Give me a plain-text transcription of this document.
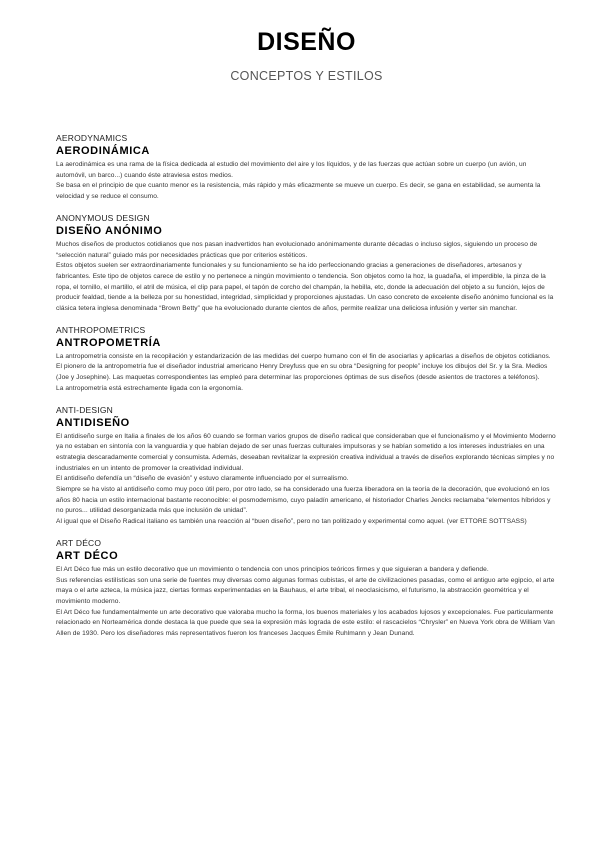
DISEÑO
CONCEPTOS Y ESTILOS
AERODYNAMICS
AERODINÁMICA
La aerodinámica es una rama de la física dedicada al estudio del movimiento del aire y los líquidos, y de las fuerzas que actúan sobre un cuerpo (un avión, un automóvil, un barco...) cuando éste atraviesa estos medios.
Se basa en el principio de que cuanto menor es la resistencia, más rápido y más eficazmente se mueve un cuerpo. Es decir, se gana en estabilidad, se aumenta la velocidad y se reduce el consumo.
ANONYMOUS DESIGN
DISEÑO ANÓNIMO
Muchos diseños de productos cotidianos que nos pasan inadvertidos han evolucionado anónimamente durante décadas o incluso siglos, siguiendo un proceso de “selección natural” guiado más por necesidades prácticas que por criterios estéticos.
Estos objetos suelen ser extraordinariamente funcionales y su funcionamiento se ha ido perfeccionando gracias a generaciones de diseñadores, artesanos y fabricantes. Este tipo de objetos carece de estilo y no pertenece a ningún movimiento o tendencia. Son objetos como la hoz, la guadaña, el imperdible, la pinza de la ropa, el tornillo, el martillo, el atril de música, el clip para papel, el tapón de corcho del champán, la hebilla, etc, donde la adecuación del objeto a su función, lejos de producir fealdad, tiende a la belleza por su honestidad, integridad, simplicidad y proporciones ajustadas. Un caso concreto de excelente diseño anónimo funcional es la clásica tetera inglesa denominada “Brown Betty” que ha evolucionado durante cientos de años, permite realizar una deliciosa infusión y verter sin manchar.
ANTHROPOMETRICS
ANTROPOMETRÍA
La antropometría consiste en la recopilación y estandarización de las medidas del cuerpo humano con el fin de asociarlas y aplicarlas a diseños de objetos cotidianos. El pionero de la antropometría fue el diseñador industrial americano Henry Dreyfuss que en su obra “Designing for people” incluye los dibujos del Sr. y la Sra. Medios (Joe y Josephine). Las maquetas correspondientes las empleó para determinar las proporciones óptimas de sus diseños (desde asientos de tractores a teléfonos).
La antropometría está estrechamente ligada con la ergonomía.
ANTI-DESIGN
ANTIDISEÑO
El antidiseño surge en Italia a finales de los años 60 cuando se forman varios grupos de diseño radical que consideraban que el funcionalismo y el Movimiento Moderno ya no estaban en sintonía con la vanguardia y que habían dejado de ser unas fuerzas culturales impulsoras y se habían sometido a los intereses industriales en una estrategia descaradamente comercial y consumista. Además, deseaban revitalizar la expresión creativa individual a través de diseños explorando técnicas simples y no industriales en un intento de promover la creatividad individual.
El antidiseño defendía un “diseño de evasión” y estuvo claramente influenciado por el surrealismo.
Siempre se ha visto al antidiseño como muy poco útil pero, por otro lado, se ha considerado una fuerza liberadora en la teoría de la decoración, que evolucionó en los años 80 hacia un estilo internacional bastante reconocible: el posmodernismo, cuyo paladín americano, el historiador Charles Jencks reclamaba “elementos híbridos y no puros... utilidad desorganizada más que inclusión de unidad”.
Al igual que el Diseño Radical italiano es también una reacción al “buen diseño”, pero no tan politizado y experimental como aquel. (ver ETTORE SOTTSASS)
ART DÉCO
ART DÉCO
El Art Déco fue más un estilo decorativo que un movimiento o tendencia con unos principios teóricos firmes y que siguieran a bandera y defiende.
Sus referencias estilísticas son una serie de fuentes muy diversas como algunas formas cubistas, el arte de civilizaciones pasadas, como el antiguo arte egipcio, el arte maya o el arte azteca, la música jazz, ciertas formas experimentadas en la Bauhaus, el arte tribal, el neoclasicismo, el futurismo, la abstracción geométrica y el movimiento moderno.
El Art Déco fue fundamentalmente un arte decorativo que valoraba mucho la forma, los buenos materiales y los acabados lujosos y excepcionales. Fue particularmente relacionado en Norteamérica donde destaca la que puede que sea la expresión más lograda de este estilo: el rascacielos “Chrysler” en Nueva York obra de William Van Allen de 1930. Pero los diseñadores más representativos fueron los franceses Jacques Émile Ruhlmann y Jean Dunand.
